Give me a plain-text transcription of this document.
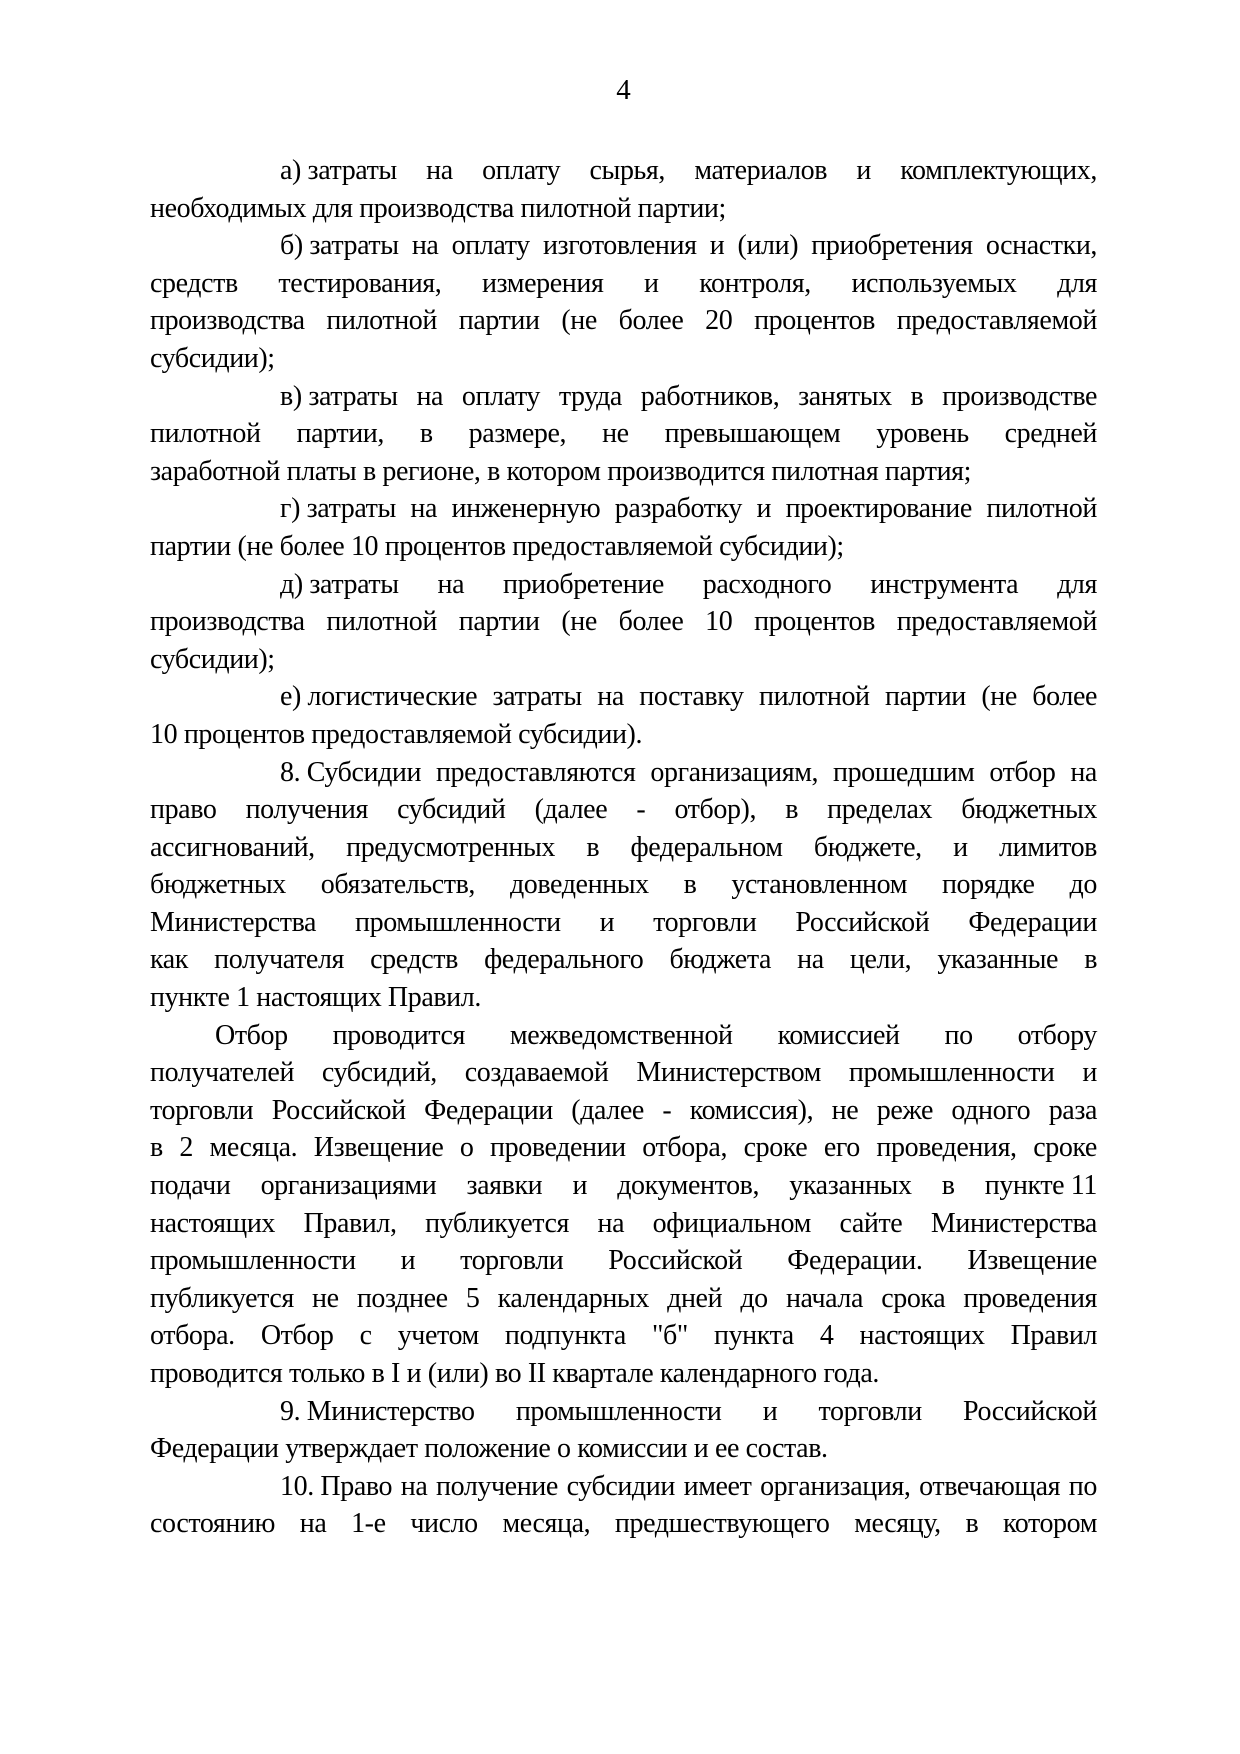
4
а) затраты на оплату сырья, материалов и комплектующих,
необходимых для производства пилотной партии;
б) затраты на оплату изготовления и (или) приобретения оснастки,
средств тестирования, измерения и контроля, используемых для
производства пилотной партии (не более 20 процентов предоставляемой
субсидии);
в) затраты на оплату труда работников, занятых в производстве
пилотной партии, в размере, не превышающем уровень средней
заработной платы в регионе, в котором производится пилотная партия;
г) затраты на инженерную разработку и проектирование пилотной
партии (не более 10 процентов предоставляемой субсидии);
д) затраты на приобретение расходного инструмента для
производства пилотной партии (не более 10 процентов предоставляемой
субсидии);
е) логистические затраты на поставку пилотной партии (не более
10 процентов предоставляемой субсидии).
8. Субсидии предоставляются организациям, прошедшим отбор на
право получения субсидий (далее - отбор), в пределах бюджетных
ассигнований, предусмотренных в федеральном бюджете, и лимитов
бюджетных обязательств, доведенных в установленном порядке до
Министерства промышленности и торговли Российской Федерации
как получателя средств федерального бюджета на цели, указанные в
пункте 1 настоящих Правил.
Отбор проводится межведомственной комиссией по отбору
получателей субсидий, создаваемой Министерством промышленности и
торговли Российской Федерации (далее - комиссия), не реже одного раза
в 2 месяца. Извещение о проведении отбора, сроке его проведения, сроке
подачи организациями заявки и документов, указанных в пункте 11
настоящих Правил, публикуется на официальном сайте Министерства
промышленности и торговли Российской Федерации. Извещение
публикуется не позднее 5 календарных дней до начала срока проведения
отбора. Отбор с учетом подпункта "б" пункта 4 настоящих Правил
проводится только в I и (или) во II квартале календарного года.
9. Министерство промышленности и торговли Российской
Федерации утверждает положение о комиссии и ее состав.
10. Право на получение субсидии имеет организация, отвечающая по
состоянию на 1-е число месяца, предшествующего месяцу, в котором
